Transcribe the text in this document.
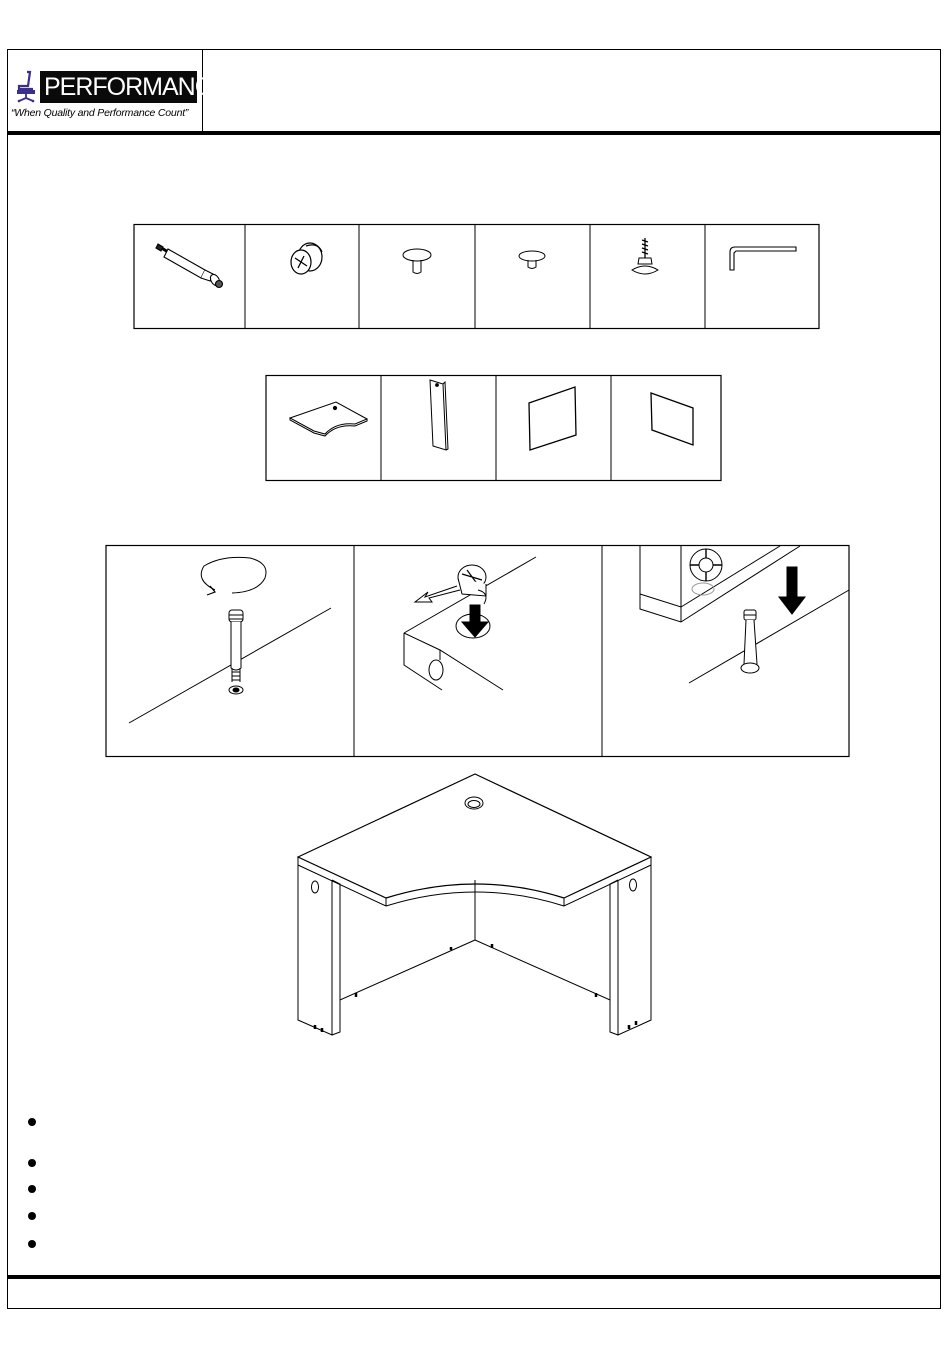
PERFORMANCE
“When Quality and Performance Count”
